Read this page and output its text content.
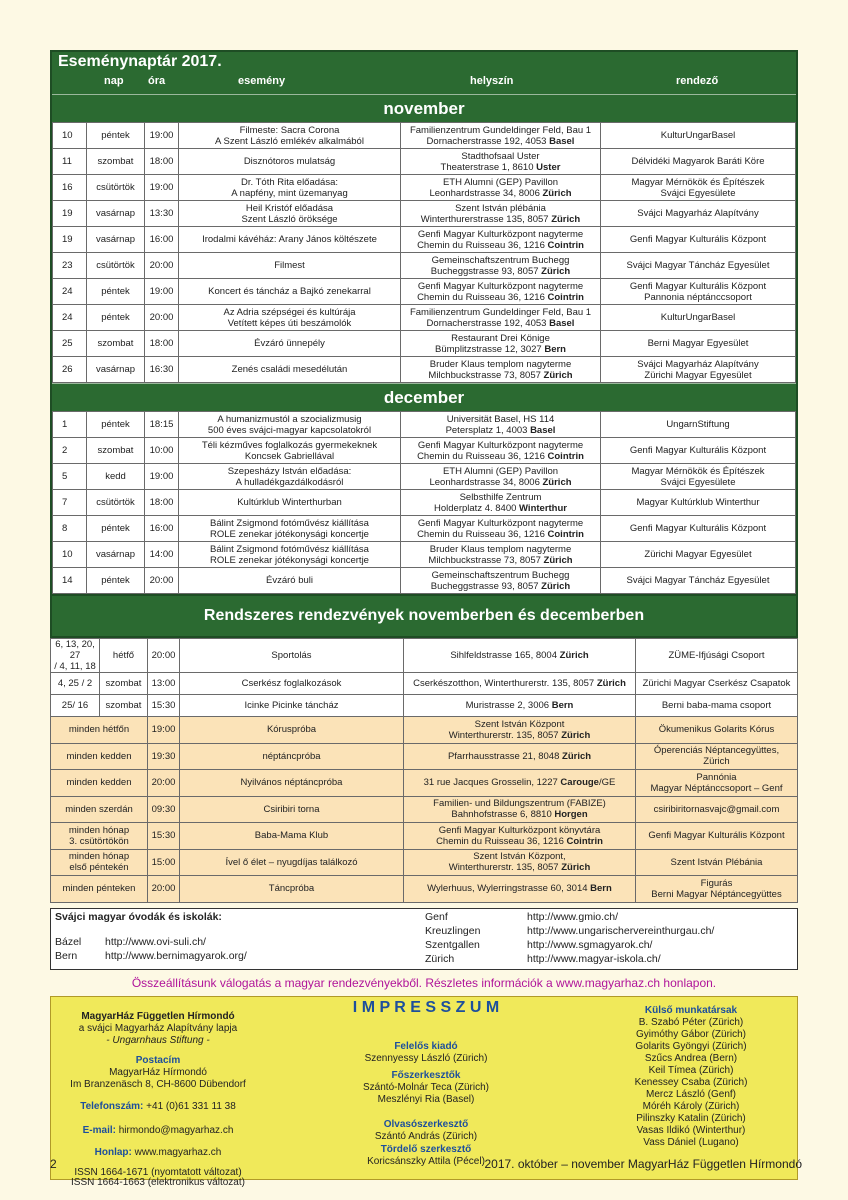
Eseménynaptár 2017.
nap óra	esemény	helyszín	rendező
november
10	péntek	19:00	Filmeste: Sacra Corona
A Szent László emlékév alkalmából	Familienzentrum Gundeldinger Feld, Bau 1
Dornacherstrasse 192, 4053 Basel	KulturUngarBasel
11	szombat	18:00	Disznótoros mulatság	Stadthofsaal Uster
Theaterstrase 1, 8610 Uster	Délvidéki Magyarok Baráti Köre
16	csütörtök	19:00	Dr. Tóth Rita előadása:
A napfény, mint üzemanyag	ETH Alumni (GEP) Pavillon
Leonhardstrasse 34, 8006 Zürich	Magyar Mérnökök és Építészek
Svájci Egyesülete
19	vasárnap	13:30	Heil Kristóf előadása
Szent László öröksége	Szent István plébánia
Winterthurerstrasse 135, 8057 Zürich	Svájci Magyarház Alapítvány
19	vasárnap	16:00	Irodalmi kávéház: Arany János költészete	Genfi Magyar Kulturközpont nagyterme
Chemin du Ruisseau 36, 1216 Cointrin	Genfi Magyar Kulturális Központ
23	csütörtök	20:00	Filmest	Gemeinschaftszentrum Buchegg
Bucheggstrasse 93, 8057 Zürich	Svájci Magyar Táncház Egyesület
24	péntek	19:00	Koncert és táncház a Bajkó zenekarral	Genfi Magyar Kulturközpont nagyterme
Chemin du Ruisseau 36, 1216 Cointrin	Genfi Magyar Kulturális Központ
Pannonia néptánccsoport
24	péntek	20:00	Az Adria szépségei és kultúrája
Vetített képes úti beszámolók	Familienzentrum Gundeldinger Feld, Bau 1
Dornacherstrasse 192, 4053 Basel	KulturUngarBasel
25	szombat	18:00	Évzáró ünnepély	Restaurant Drei Könige
Bümplitzstrasse 12, 3027 Bern	Berni Magyar Egyesület
26	vasárnap	16:30	Zenés családi mesedélután	Bruder Klaus templom nagyterme
Milchbuckstrasse 73, 8057 Zürich	Svájci Magyarház Alapítvány
Zürichi Magyar Egyesület
december
1	péntek	18:15	A humanizmustól a szocializmusig
500 éves svájci-magyar kapcsolatokról	Universität Basel, HS 114
Petersplatz 1, 4003 Basel	UngarnStiftung
2	szombat	10:00	Téli kézműves foglalkozás gyermekeknek
Koncsek Gabriellával	Genfi Magyar Kulturközpont nagyterme
Chemin du Ruisseau 36, 1216 Cointrin	Genfi Magyar Kulturális Központ
5	kedd	19:00	Szepesházy István előadása:
A hulladékgazdálkodásról	ETH Alumni (GEP) Pavillon
Leonhardstrasse 34, 8006 Zürich	Magyar Mérnökök és Építészek
Svájci Egyesülete
7	csütörtök	18:00	Kultúrklub Winterthurban	Selbsthilfe Zentrum
Holderplatz 4. 8400 Winterthur	Magyar Kultúrklub Winterthur
8	péntek	16:00	Bálint Zsigmond fotóművész kiállítása
ROLE zenekar jótékonysági koncertje	Genfi Magyar Kulturközpont nagyterme
Chemin du Ruisseau 36, 1216 Cointrin	Genfi Magyar Kulturális Központ
10	vasárnap	14:00	Bálint Zsigmond fotóművész kiállítása
ROLE zenekar jótékonysági koncertje	Bruder Klaus templom nagyterme
Milchbuckstrasse 73, 8057 Zürich	Zürichi Magyar Egyesület
14	péntek	20:00	Évzáró buli	Gemeinschaftszentrum Buchegg
Bucheggstrasse 93, 8057 Zürich	Svájci Magyar Táncház Egyesület
Rendszeres rendezvények novemberben és decemberben
6, 13, 20, 27
/ 4, 11, 18	hétfő	20:00	Sportolás	Sihlfeldstrasse 165, 8004 Zürich	ZÜME-Ifjúsági Csoport
4, 25 / 2	szombat	13:00	Cserkész foglalkozások	Cserkészotthon, Winterthurerstr. 135, 8057 Zürich	Zürichi Magyar Cserkész Csapatok
25/ 16	szombat	15:30	Icinke Picinke táncház	Muristrasse 2, 3006 Bern	Berni baba-mama csoport
minden hétfőn		19:00	Kóruspróba	Szent István Központ
Winterthurerstr. 135, 8057 Zürich	Ökumenikus Golarits Kórus
minden kedden		19:30	néptáncpróba	Pfarrhausstrasse 21, 8048 Zürich	Óperenciás Néptancegyüttes,
Zürich
minden kedden		20:00	Nyilvános néptáncpróba	31 rue Jacques Grosselin, 1227 Carouge/GE	Pannónia
Magyar Néptánccsoport – Genf
minden szerdán		09:30	Csiribiri torna	Familien- und Bildungszentrum (FABIZE)
Bahnhofstrasse 6, 8810 Horgen	csiribiritornasvajc@gmail.com
minden hónap
3. csütörtökön		15:30	Baba-Mama Klub	Genfi Magyar Kulturközpont könyvtára
Chemin du Ruisseau 36, 1216 Cointrin	Genfi Magyar Kulturális Központ
minden hónap
első péntekén		15:00	Ível ő élet – nyugdíjas találkozó	Szent István Központ,
Winterthurerstr. 135, 8057 Zürich	Szent István Plébánia
minden pénteken		20:00	Táncpróba	Wylerhuus, Wylerringstrasse 60, 3014 Bern	Figurás
Berni Magyar Néptáncegyüttes
Svájci magyar óvodák és iskolák:
Bázel http://www.ovi-suli.ch/
Bern	http://www.bernimagyarok.org/
Genf	http://www.gmio.ch/
Kreuzlingen	http://www.ungarischervereinthurgau.ch/
Szentgallen	http://www.sgmagyarok.ch/
Zürich	http://www.magyar-iskola.ch/
Összeállításunk válogatás a magyar rendezvényekből. Részletes információk a www.magyarhaz.ch honlapon.
MagyarHáz Független Hírmondó
a svájci Magyarház Alapítvány lapja
- Ungarnhaus Stiftung -
Postacím
MagyarHáz Hírmondó
Im Branzenäsch 8, CH-8600 Dübendorf
Telefonszám: +41 (0)61 331 11 38
E-mail: hirmondo@magyarhaz.ch
Honlap: www.magyarhaz.ch
ISSN 1664-1671 (nyomtatott változat)
ISSN 1664-1663 (elektronikus változat)
I M P R E S S Z U M
Felelős kiadó
Szennyessy László (Zürich)
Főszerkesztők
Szántó-Molnár Teca (Zürich)
Meszlényi Ria (Basel)
Olvasószerkesztő
Szántó András (Zürich)
Tördelő szerkesztő
Koricsánszky Attila (Pécel)
Külső munkatársak
B. Szabó Péter (Zürich)
Gyimóthy Gábor (Zürich)
Golarits Gyöngyi (Zürich)
Szűcs Andrea (Bern)
Keil Tímea (Zürich)
Kenessey Csaba (Zürich)
Mercz László (Genf)
Móréh Károly (Zürich)
Pilinszky Katalin (Zürich)
Vasas Ildikó (Winterthur)
Vass Dániel (Lugano)
2	2017. október – november MagyarHáz Független Hírmondó
